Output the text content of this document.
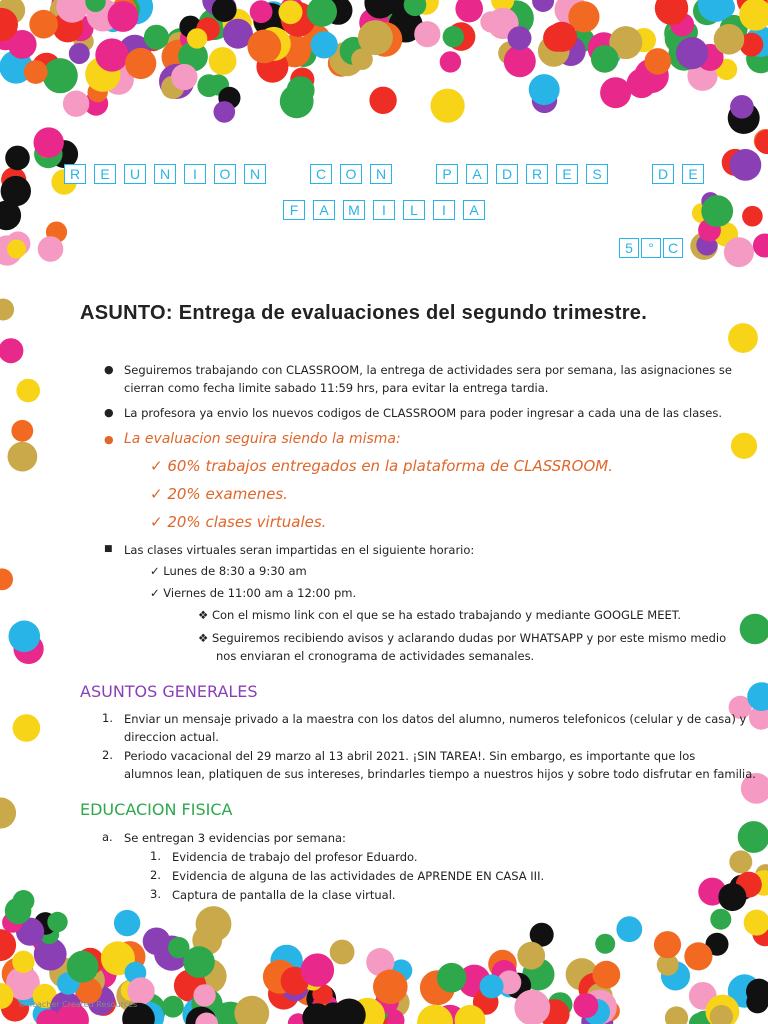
R	E	U	N	I	O	N	C	O	N	P	A	D	R	E	S	D	E
F	A	M	I	L	I	A
5	°	C
ASUNTO: Entrega de evaluaciones del segundo trimestre.
● Seguiremos trabajando con CLASSROOM, la entrega de actividades sera por semana, las asignaciones se
cierran como fecha limite sabado 11:59 hrs, para evitar la entrega tardia.
● La profesora ya envio los nuevos codigos de CLASSROOM para poder ingresar a cada una de las clases.
● La evaluacion seguira siendo la misma:
✓ 60% trabajos entregados en la plataforma de CLASSROOM.
✓ 20% examenes.
✓ 20% clases virtuales.
■ Las clases virtuales seran impartidas en el siguiente horario:
✓ Lunes de 8:30 a 9:30 am
✓ Viernes de 11:00 am a 12:00 pm.
❖ Con el mismo link con el que se ha estado trabajando y mediante GOOGLE MEET.
❖ Seguiremos recibiendo avisos y aclarando dudas por WHATSAPP y por este mismo medio
nos enviaran el cronograma de actividades semanales.
ASUNTOS GENERALES
1. Enviar un mensaje privado a la maestra con los datos del alumno, numeros telefonicos (celular y de casa) y
direccion actual.
2. Periodo vacacional del 29 marzo al 13 abril 2021. ¡SIN TAREA!. Sin embargo, es importante que los
alumnos lean, platiquen de sus intereses, brindarles tiempo a nuestros hijos y sobre todo disfrutar en familia.
EDUCACION FISICA
a. Se entregan 3 evidencias por semana:
1. Evidencia de trabajo del profesor Eduardo.
2. Evidencia de alguna de las actividades de APRENDE EN CASA III.
3. Captura de pantalla de la clase virtual.
© Teacher Created Resources
